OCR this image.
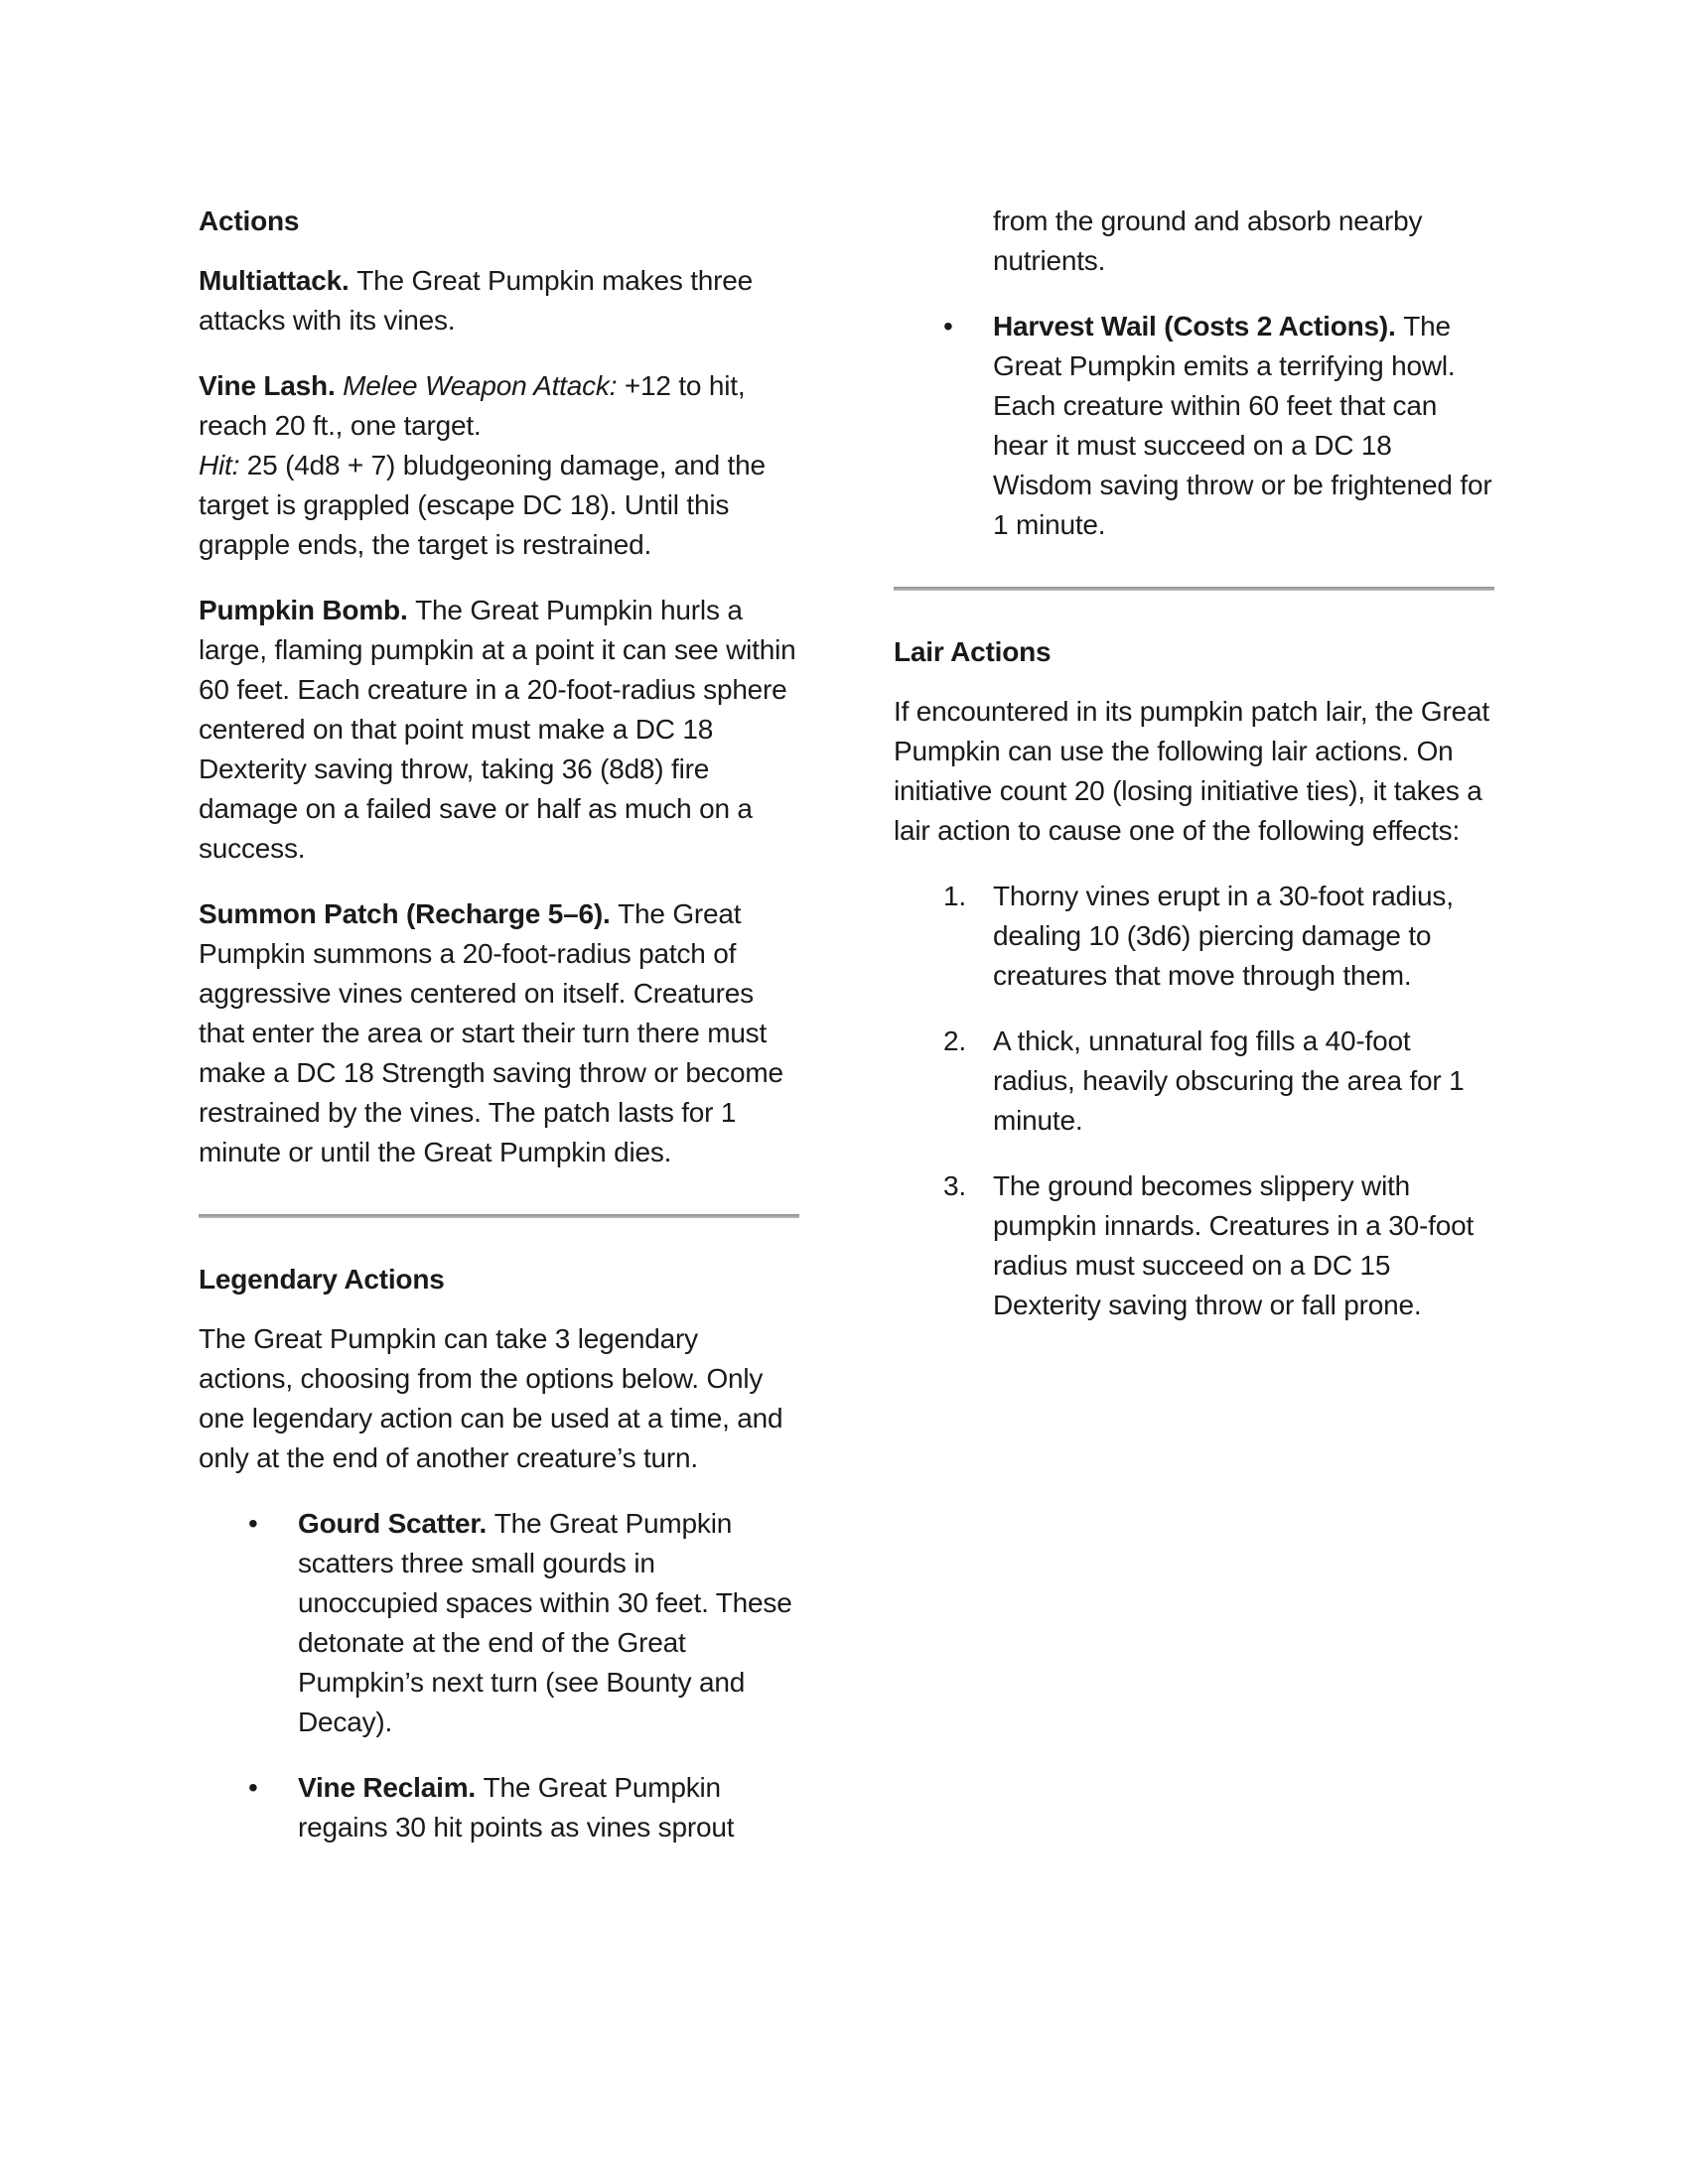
Actions

Multiattack. The Great Pumpkin makes three attacks with its vines.

Vine Lash. Melee Weapon Attack: +12 to hit, reach 20 ft., one target.
Hit: 25 (4d8 + 7) bludgeoning damage, and the target is grappled (escape DC 18). Until this grapple ends, the target is restrained.

Pumpkin Bomb. The Great Pumpkin hurls a large, flaming pumpkin at a point it can see within 60 feet. Each creature in a 20-foot-radius sphere centered on that point must make a DC 18 Dexterity saving throw, taking 36 (8d8) fire damage on a failed save or half as much on a success.

Summon Patch (Recharge 5–6). The Great Pumpkin summons a 20-foot-radius patch of aggressive vines centered on itself. Creatures that enter the area or start their turn there must make a DC 18 Strength saving throw or become restrained by the vines. The patch lasts for 1 minute or until the Great Pumpkin dies.

Legendary Actions

The Great Pumpkin can take 3 legendary actions, choosing from the options below. Only one legendary action can be used at a time, and only at the end of another creature’s turn.

•	Gourd Scatter. The Great Pumpkin scatters three small gourds in unoccupied spaces within 30 feet. These detonate at the end of the Great Pumpkin’s next turn (see Bounty and Decay).
•	Vine Reclaim. The Great Pumpkin regains 30 hit points as vines sprout

from the ground and absorb nearby nutrients.

•	Harvest Wail (Costs 2 Actions). The Great Pumpkin emits a terrifying howl. Each creature within 60 feet that can hear it must succeed on a DC 18 Wisdom saving throw or be frightened for 1 minute.
Lair Actions

If encountered in its pumpkin patch lair, the Great Pumpkin can use the following lair actions. On initiative count 20 (losing initiative ties), it takes a lair action to cause one of the following effects:

1. Thorny vines erupt in a 30-foot radius, dealing 10 (3d6) piercing damage to creatures that move through them.
2. A thick, unnatural fog fills a 40-foot radius, heavily obscuring the area for 1 minute.
3. The ground becomes slippery with pumpkin innards. Creatures in a 30-foot radius must succeed on a DC 15 Dexterity saving throw or fall prone.
